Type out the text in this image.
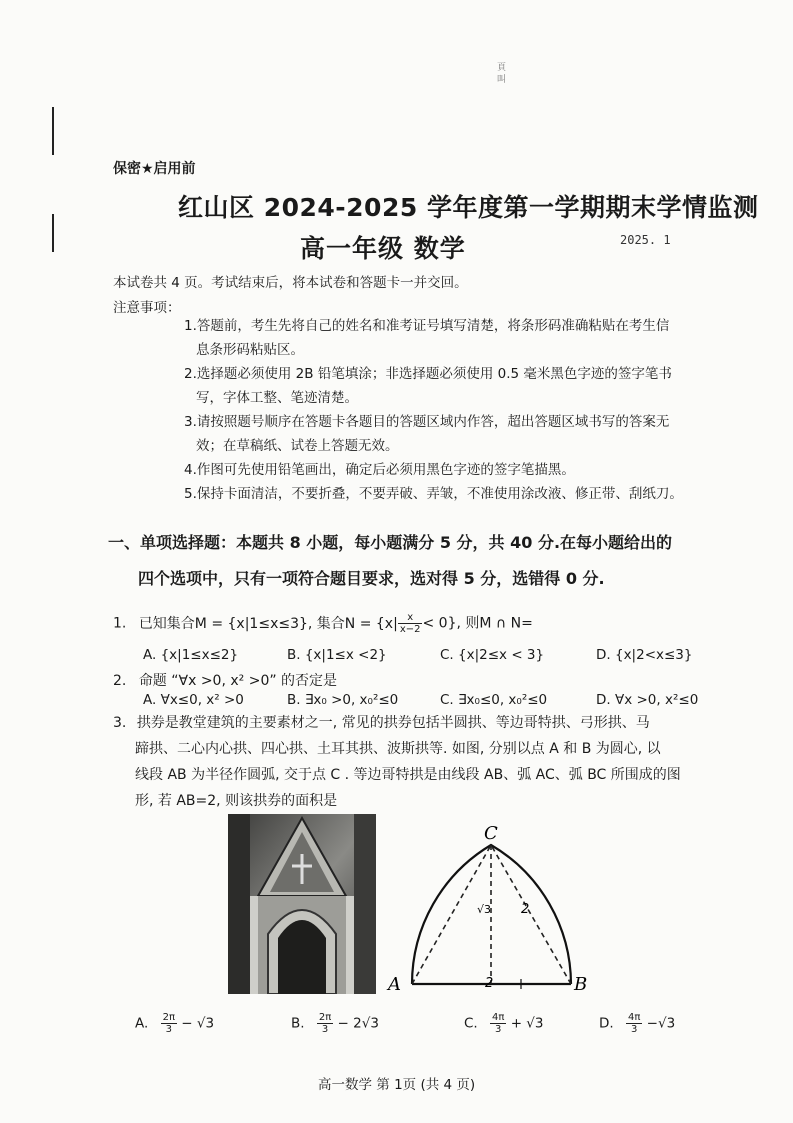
頁
叫
保密★启用前
红山区 2024-2025 学年度第一学期期末学情监测
高一年级 数学	2025. 1
本试卷共 4 页。考试结束后，将本试卷和答题卡一并交回。
注意事项：
1.答题前，考生先将自己的姓名和准考证号填写清楚，将条形码准确粘贴在考生信
息条形码粘贴区。
2.选择题必须使用 2B 铅笔填涂；非选择题必须使用 0.5 毫米黑色字迹的签字笔书
写，字体工整、笔迹清楚。
3.请按照题号顺序在答题卡各题目的答题区域内作答，超出答题区域书写的答案无
效；在草稿纸、试卷上答题无效。
4.作图可先使用铅笔画出，确定后必须用黑色字迹的签字笔描黑。
5.保持卡面清洁，不要折叠，不要弄破、弄皱，不准使用涂改液、修正带、刮纸刀。
一、单项选择题：本题共 8 小题，每小题满分 5 分，共 40 分.在每小题给出的
四个选项中，只有一项符合题目要求，选对得 5 分，选错得 0 分.
1. 已知集合M = {x|1≤x≤3}, 集合$N = \{x| \frac{x}{x-2} < 0\}$, 则M ∩ N=
A. {x|1≤x≤2}	B. {x|1≤x <2}	C. {x|2≤x < 3}	D. {x|2<x≤3}
2. 命题 “∀x >0, x² >0” 的否定是
A. ∀x≤0, x² >0	B. ∃x₀ >0, x₀²≤0	C. ∃x₀≤0, x₀²≤0	D. ∀x >0, x²≤0
3. 拱券是教堂建筑的主要素材之一, 常见的拱券包括半圆拱、等边哥特拱、弓形拱、马
蹄拱、二心内心拱、四心拱、土耳其拱、波斯拱等. 如图, 分别以点 A 和 B 为圆心, 以
线段 AB 为半径作圆弧, 交于点 C . 等边哥特拱是由线段 AB、弧 AC、弧 BC 所围成的图
形, 若 AB=2, 则该拱券的面积是
A	B
C
√3 2
2
A. $\frac{2\pi}{3} - √3$	B. $\frac{2\pi}{3} - 2√3$	C. $\frac{4\pi}{3} + √3$	D. $\frac{4\pi}{3} -√3$
高一数学 第 1页 (共 4 页)
